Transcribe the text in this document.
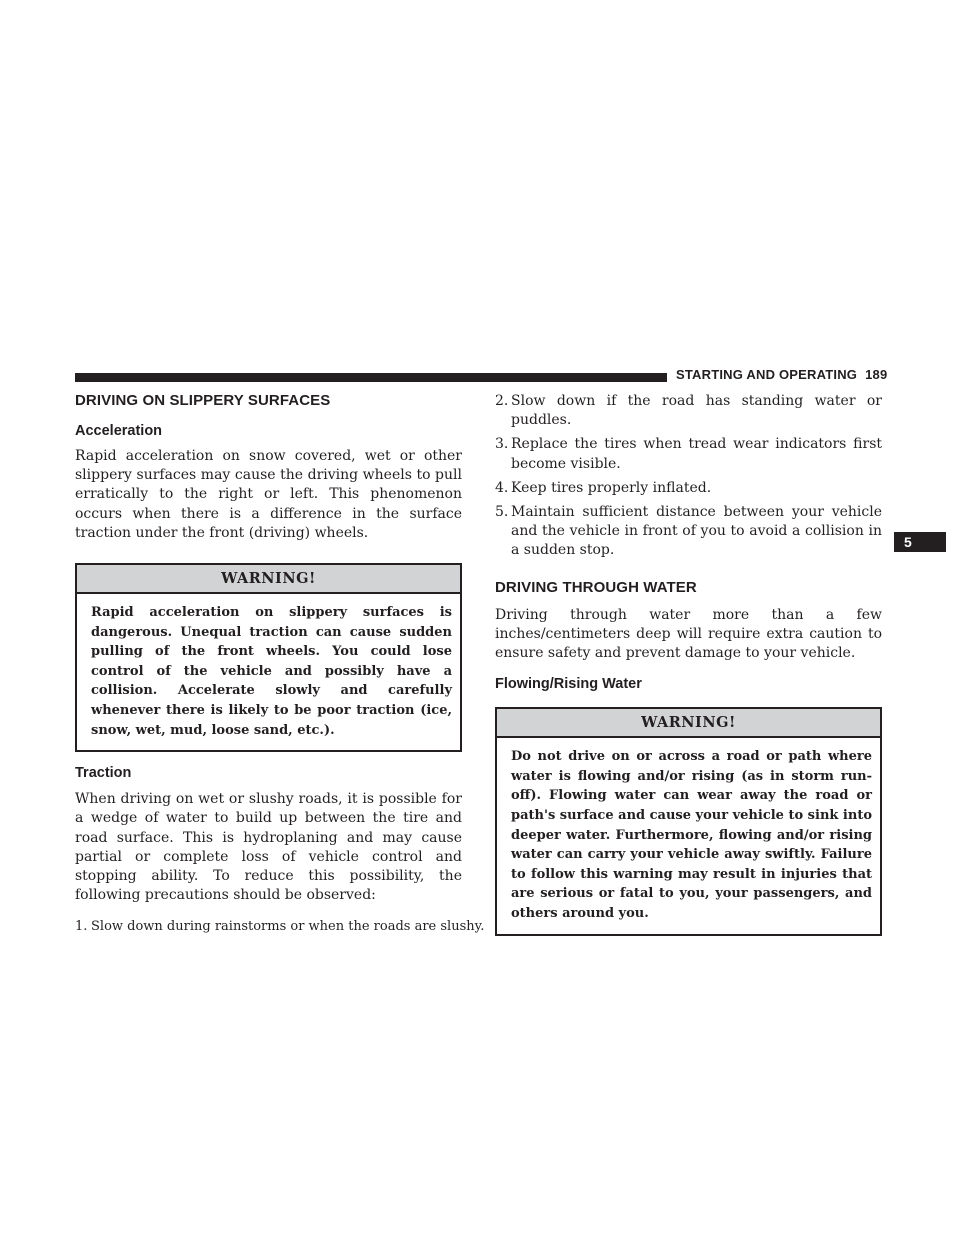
STARTING AND OPERATING 189
5
DRIVING ON SLIPPERY SURFACES
Acceleration

Rapid acceleration on snow covered, wet or other slippery surfaces may cause the driving wheels to pull erratically to the right or left. This phenomenon occurs when there is a difference in the surface traction under the front (driving) wheels.

WARNING!
Rapid acceleration on slippery surfaces is dangerous. Unequal traction can cause sudden pulling of the front wheels. You could lose control of the vehicle and possibly have a collision. Accelerate slowly and carefully whenever there is likely to be poor traction (ice, snow, wet, mud, loose sand, etc.).
Traction

When driving on wet or slushy roads, it is possible for a wedge of water to build up between the tire and road surface. This is hydroplaning and may cause partial or complete loss of vehicle control and stopping ability. To reduce this possibility, the following precautions should be observed:

1. Slow down during rainstorms or when the roads are slushy.
2. Slow down if the road has standing water or puddles.
3. Replace the tires when tread wear indicators first become visible.
4. Keep tires properly inflated.
5. Maintain sufficient distance between your vehicle and the vehicle in front of you to avoid a collision in a sudden stop.
DRIVING THROUGH WATER

Driving through water more than a few inches/centimeters deep will require extra caution to ensure safety and prevent damage to your vehicle.

Flowing/Rising Water
WARNING!
Do not drive on or across a road or path where water is flowing and/or rising (as in storm run-off). Flowing water can wear away the road or path's surface and cause your vehicle to sink into deeper water. Furthermore, flowing and/or rising water can carry your vehicle away swiftly. Failure to follow this warning may result in injuries that are serious or fatal to you, your passengers, and others around you.
